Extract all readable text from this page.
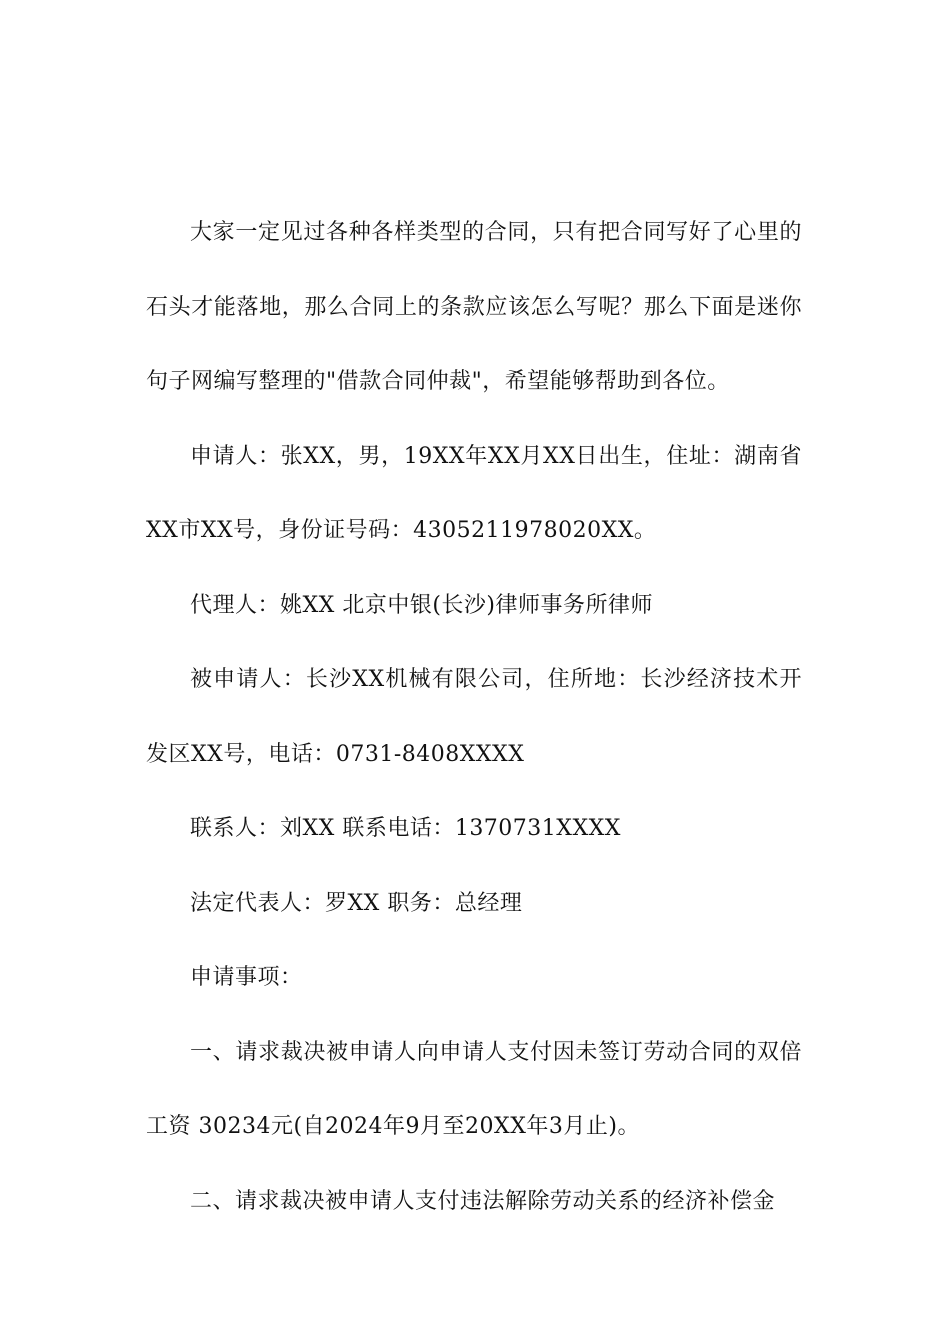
大家一定见过各种各样类型的合同，只有把合同写好了心里的石头才能落地，那么合同上的条款应该怎么写呢？那么下面是迷你句子网编写整理的"借款合同仲裁"，希望能够帮助到各位。

申请人：张XX，男，19XX年XX月XX日出生，住址：湖南省XX市XX号，身份证号码：4305211978020XX。

代理人：姚XX 北京中银(长沙)律师事务所律师

被申请人：长沙XX机械有限公司，住所地：长沙经济技术开发区XX号，电话：0731-8408XXXX

联系人：刘XX 联系电话：1370731XXXX

法定代表人：罗XX 职务：总经理

申请事项：

一、请求裁决被申请人向申请人支付因未签订劳动合同的双倍工资 30234元(自2024年9月至20XX年3月止)。

二、请求裁决被申请人支付违法解除劳动关系的经济补偿金
